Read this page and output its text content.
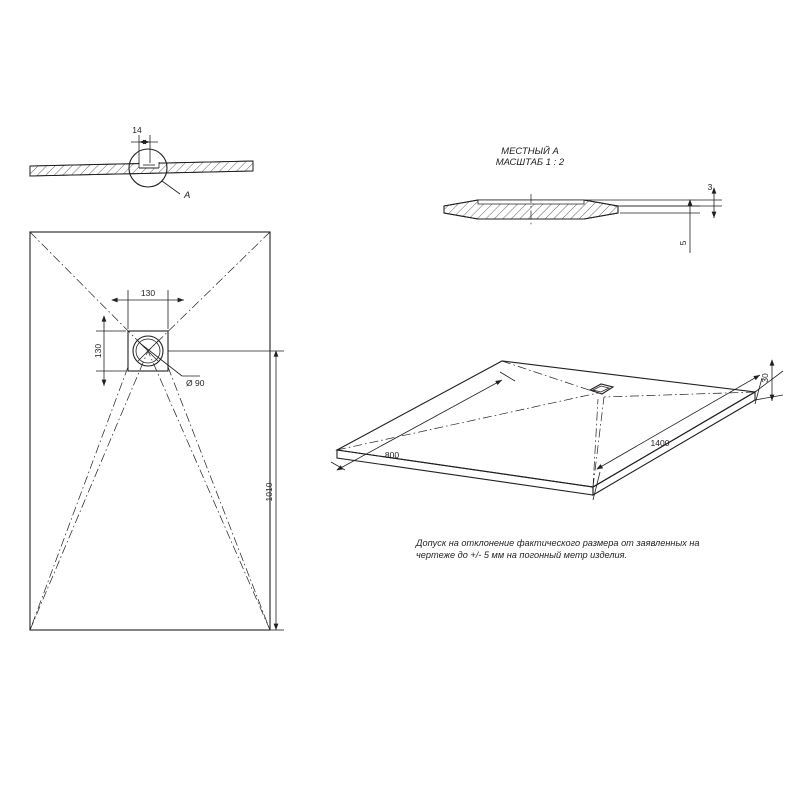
A
14
130
130
Ø 90
1010
МЕСТНЫЙ А
МАСШТАБ 1 : 2
3
5
800
1400
30
Допуск на отклонение фактического размера от заявленных на
чертеже до +/- 5 мм на погонный метр изделия.
